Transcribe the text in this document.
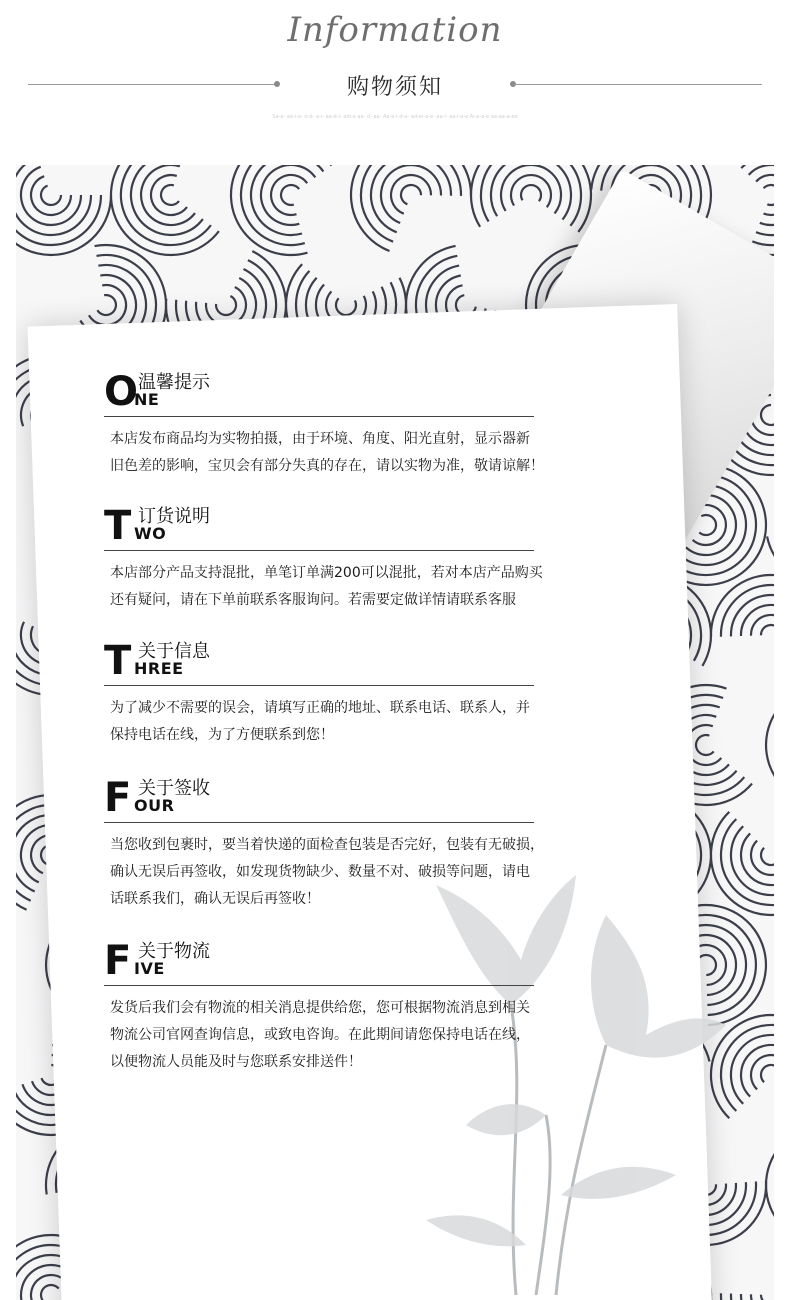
Information
购物须知
Sa-a- ae-i-a- o-d- a-i- aa-d-i- adi-e aa- d- aa- Aa-e-l-d-a- ad-ei-a-e- aa-i- aa-i-a-e Ai-e-a-e aa-aa-a-ee
O
NE
温馨提示
本店发布商品均为实物拍摄，由于环境、角度、阳光直射，显示器新
旧色差的影响，宝贝会有部分失真的存在，请以实物为准，敬请谅解！
T WO
订货说明
本店部分产品支持混批，单笔订单满200可以混批，若对本店产品购买
还有疑问，请在下单前联系客服询问。若需要定做详情请联系客服
T HREE
关于信息
为了减少不需要的误会，请填写正确的地址、联系电话、联系人，并
保持电话在线，为了方便联系到您！
F OUR
关于签收
当您收到包裹时，要当着快递的面检查包装是否完好，包装有无破损，
确认无误后再签收，如发现货物缺少、数量不对、破损等问题，请电
话联系我们，确认无误后再签收！
F IVE
关于物流
发货后我们会有物流的相关消息提供给您，您可根据物流消息到相关
物流公司官网查询信息，或致电咨询。在此期间请您保持电话在线，
以便物流人员能及时与您联系安排送件！
